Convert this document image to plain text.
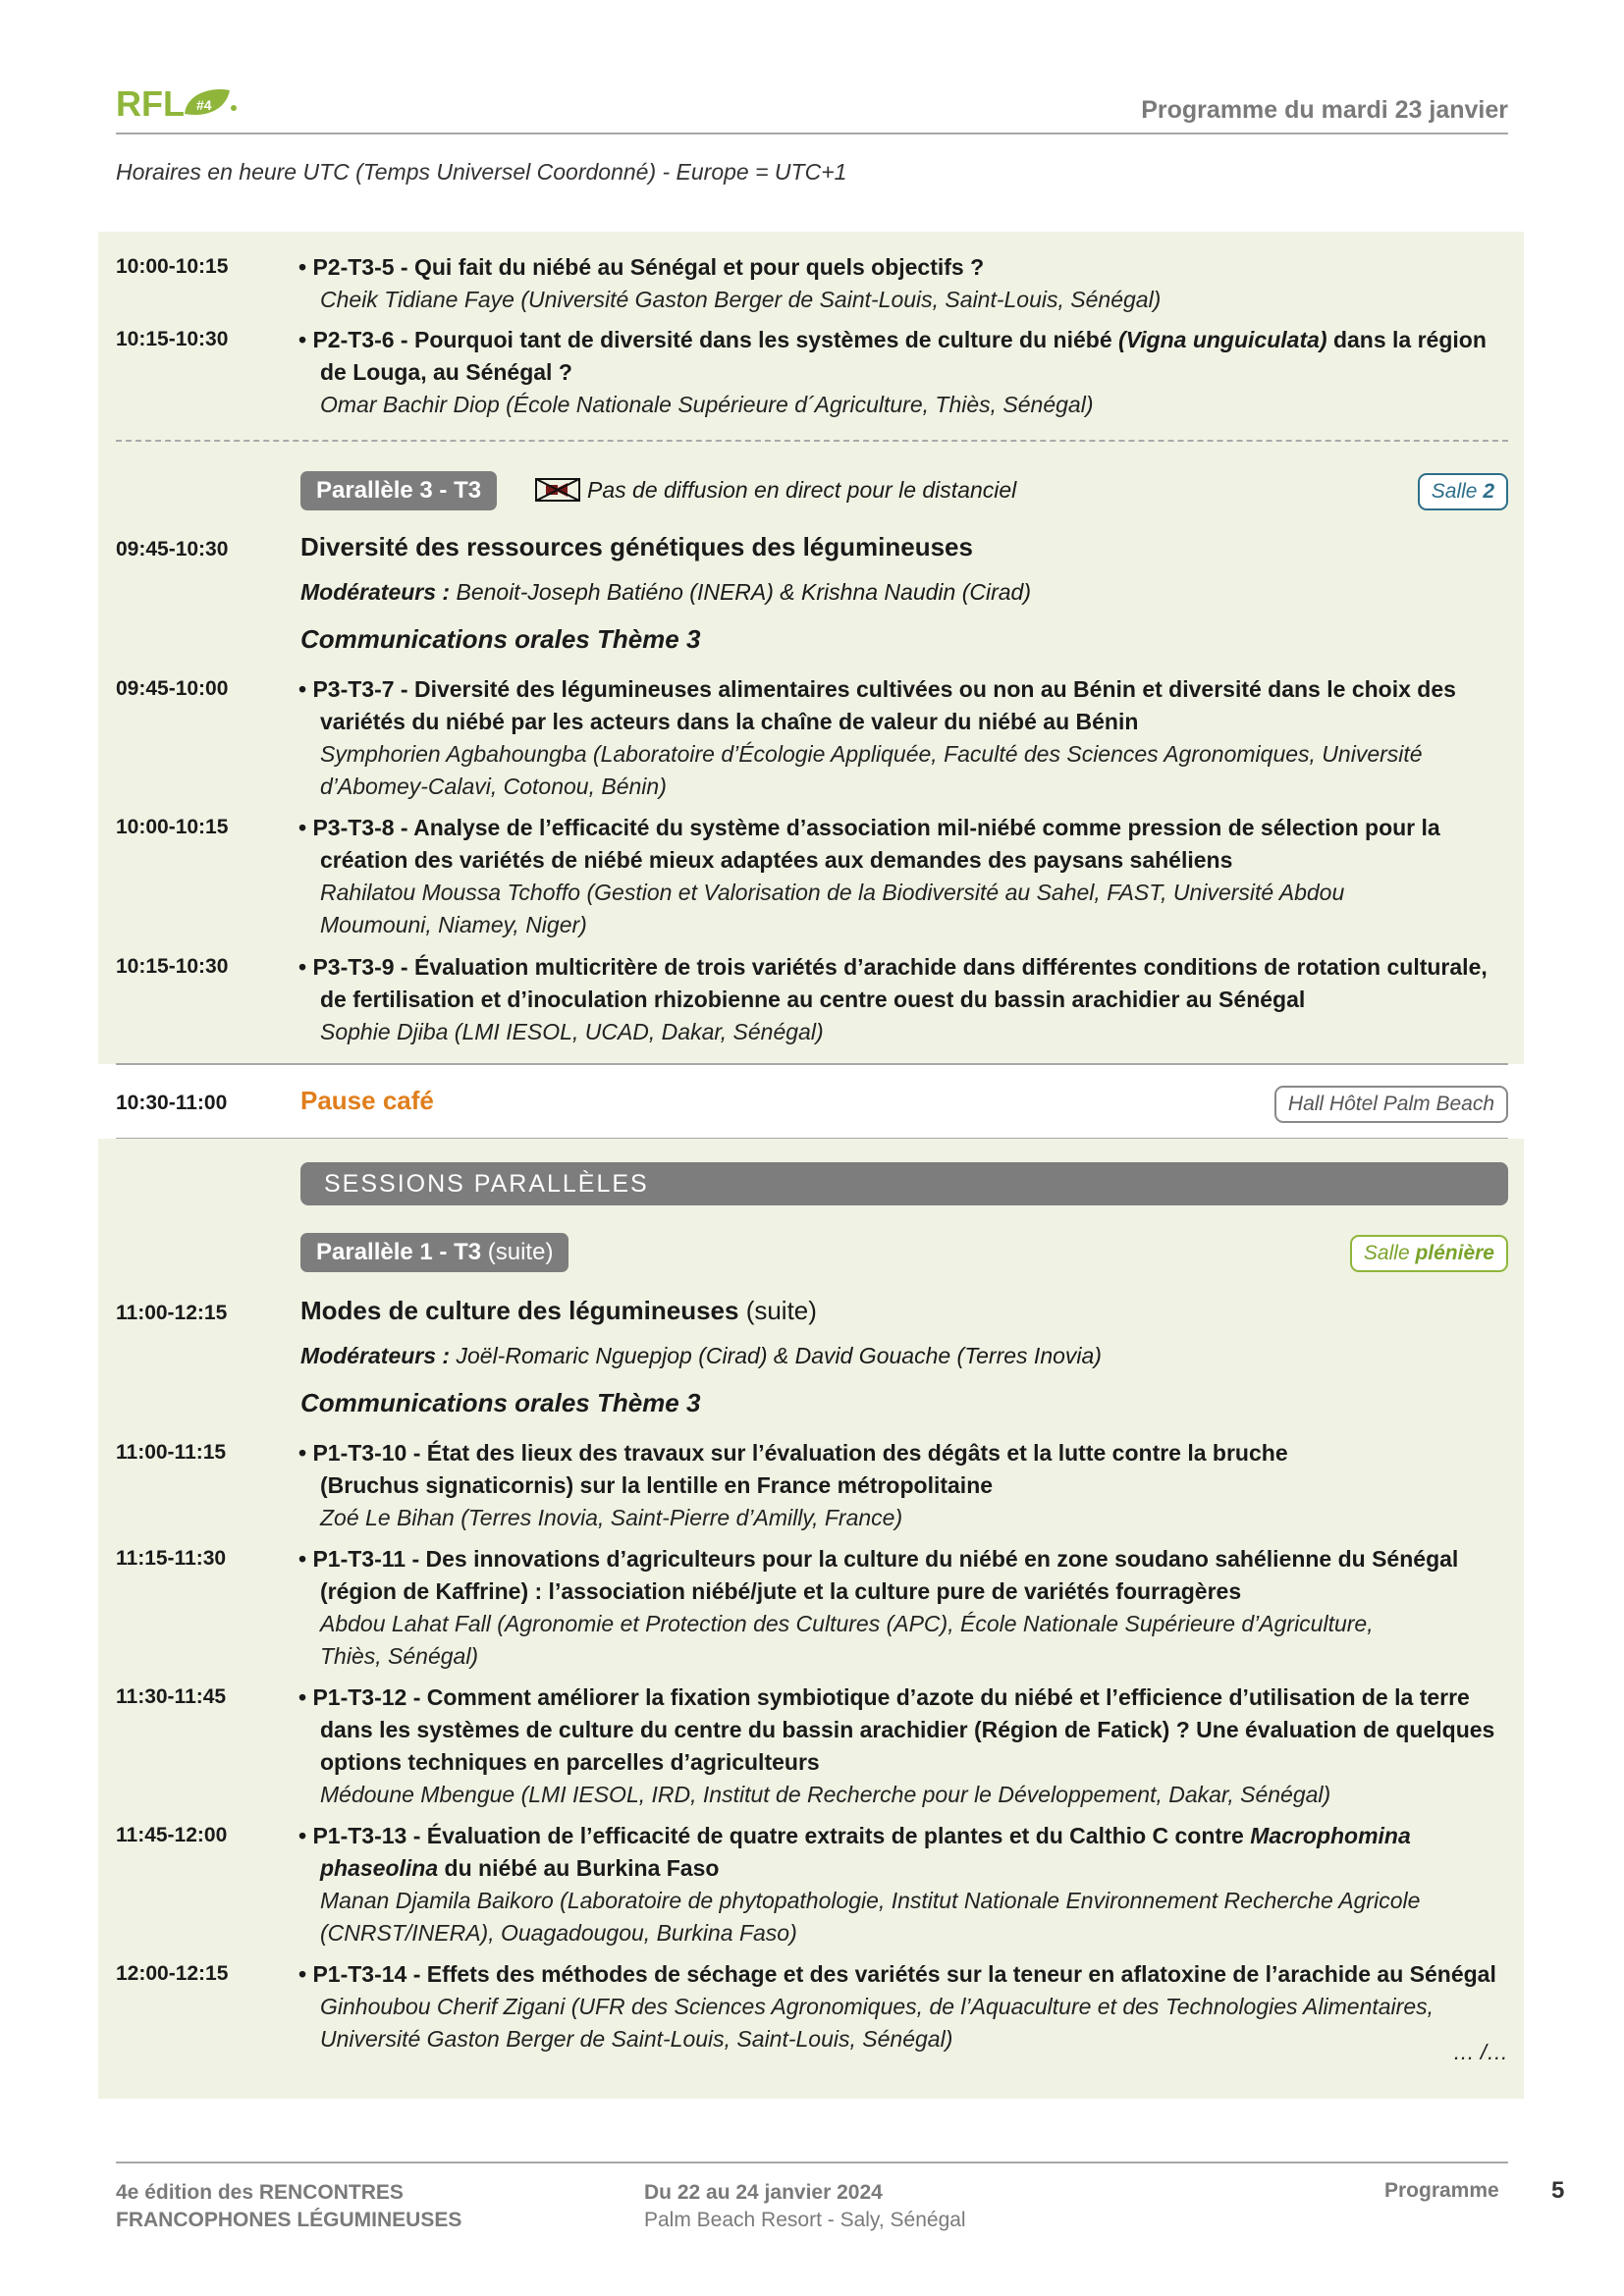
RFL #4	Programme du mardi 23 janvier
Horaires en heure UTC (Temps Universel Coordonné) - Europe = UTC+1
10:00-10:15	• P2-T3-5 - Qui fait du niébé au Sénégal et pour quels objectifs ?
Cheik Tidiane Faye (Université Gaston Berger de Saint-Louis, Saint-Louis, Sénégal)
10:15-10:30	• P2-T3-6 - Pourquoi tant de diversité dans les systèmes de culture du niébé (Vigna unguiculata) dans la région
de Louga, au Sénégal ?
Omar Bachir Diop (École Nationale Supérieure d´Agriculture, Thiès, Sénégal)
Parallèle 3 - T3	Pas de diffusion en direct pour le distanciel	Salle 2
09:45-10:30	Diversité des ressources génétiques des légumineuses
Modérateurs : Benoit-Joseph Batiéno (INERA) & Krishna Naudin (Cirad)
Communications orales Thème 3
09:45-10:00	• P3-T3-7 - Diversité des légumineuses alimentaires cultivées ou non au Bénin et diversité dans le choix des
variétés du niébé par les acteurs dans la chaîne de valeur du niébé au Bénin
Symphorien Agbahoungba (Laboratoire d’Écologie Appliquée, Faculté des Sciences Agronomiques, Université
d’Abomey-Calavi, Cotonou, Bénin)
10:00-10:15	• P3-T3-8 - Analyse de l’efficacité du système d’association mil-niébé comme pression de sélection pour la
création des variétés de niébé mieux adaptées aux demandes des paysans sahéliens
Rahilatou Moussa Tchoffo (Gestion et Valorisation de la Biodiversité au Sahel, FAST, Université Abdou
Moumouni, Niamey, Niger)
10:15-10:30	• P3-T3-9 - Évaluation multicritère de trois variétés d’arachide dans différentes conditions de rotation culturale,
de fertilisation et d’inoculation rhizobienne au centre ouest du bassin arachidier au Sénégal
Sophie Djiba (LMI IESOL, UCAD, Dakar, Sénégal)
10:30-11:00	Pause café	Hall Hôtel Palm Beach
SESSIONS PARALLÈLES
Parallèle 1 - T3 (suite)	Salle plénière
11:00-12:15	Modes de culture des légumineuses (suite)
Modérateurs : Joël-Romaric Nguepjop (Cirad) & David Gouache (Terres Inovia)
Communications orales Thème 3
11:00-11:15	• P1-T3-10 - État des lieux des travaux sur l’évaluation des dégâts et la lutte contre la bruche
(Bruchus signaticornis) sur la lentille en France métropolitaine
Zoé Le Bihan (Terres Inovia, Saint-Pierre d’Amilly, France)
11:15-11:30	• P1-T3-11 - Des innovations d’agriculteurs pour la culture du niébé en zone soudano sahélienne du Sénégal
(région de Kaffrine) : l’association niébé/jute et la culture pure de variétés fourragères
Abdou Lahat Fall (Agronomie et Protection des Cultures (APC), École Nationale Supérieure d’Agriculture,
Thiès, Sénégal)
11:30-11:45	• P1-T3-12 - Comment améliorer la fixation symbiotique d’azote du niébé et l’efficience d’utilisation de la terre
dans les systèmes de culture du centre du bassin arachidier (Région de Fatick) ? Une évaluation de quelques
options techniques en parcelles d’agriculteurs
Médoune Mbengue (LMI IESOL, IRD, Institut de Recherche pour le Développement, Dakar, Sénégal)
11:45-12:00	• P1-T3-13 - Évaluation de l’efficacité de quatre extraits de plantes et du Calthio C contre Macrophomina
phaseolina du niébé au Burkina Faso
Manan Djamila Baikoro (Laboratoire de phytopathologie, Institut Nationale Environnement Recherche Agricole
(CNRST/INERA), Ouagadougou, Burkina Faso)
12:00-12:15	• P1-T3-14 - Effets des méthodes de séchage et des variétés sur la teneur en aflatoxine de l’arachide au Sénégal
Ginhoubou Cherif Zigani (UFR des Sciences Agronomiques, de l’Aquaculture et des Technologies Alimentaires,
Université Gaston Berger de Saint-Louis, Saint-Louis, Sénégal)
… /…
4e édition des RENCONTRES
FRANCOPHONES LÉGUMINEUSES
Du 22 au 24 janvier 2024
Palm Beach Resort - Saly, Sénégal
Programme 5
